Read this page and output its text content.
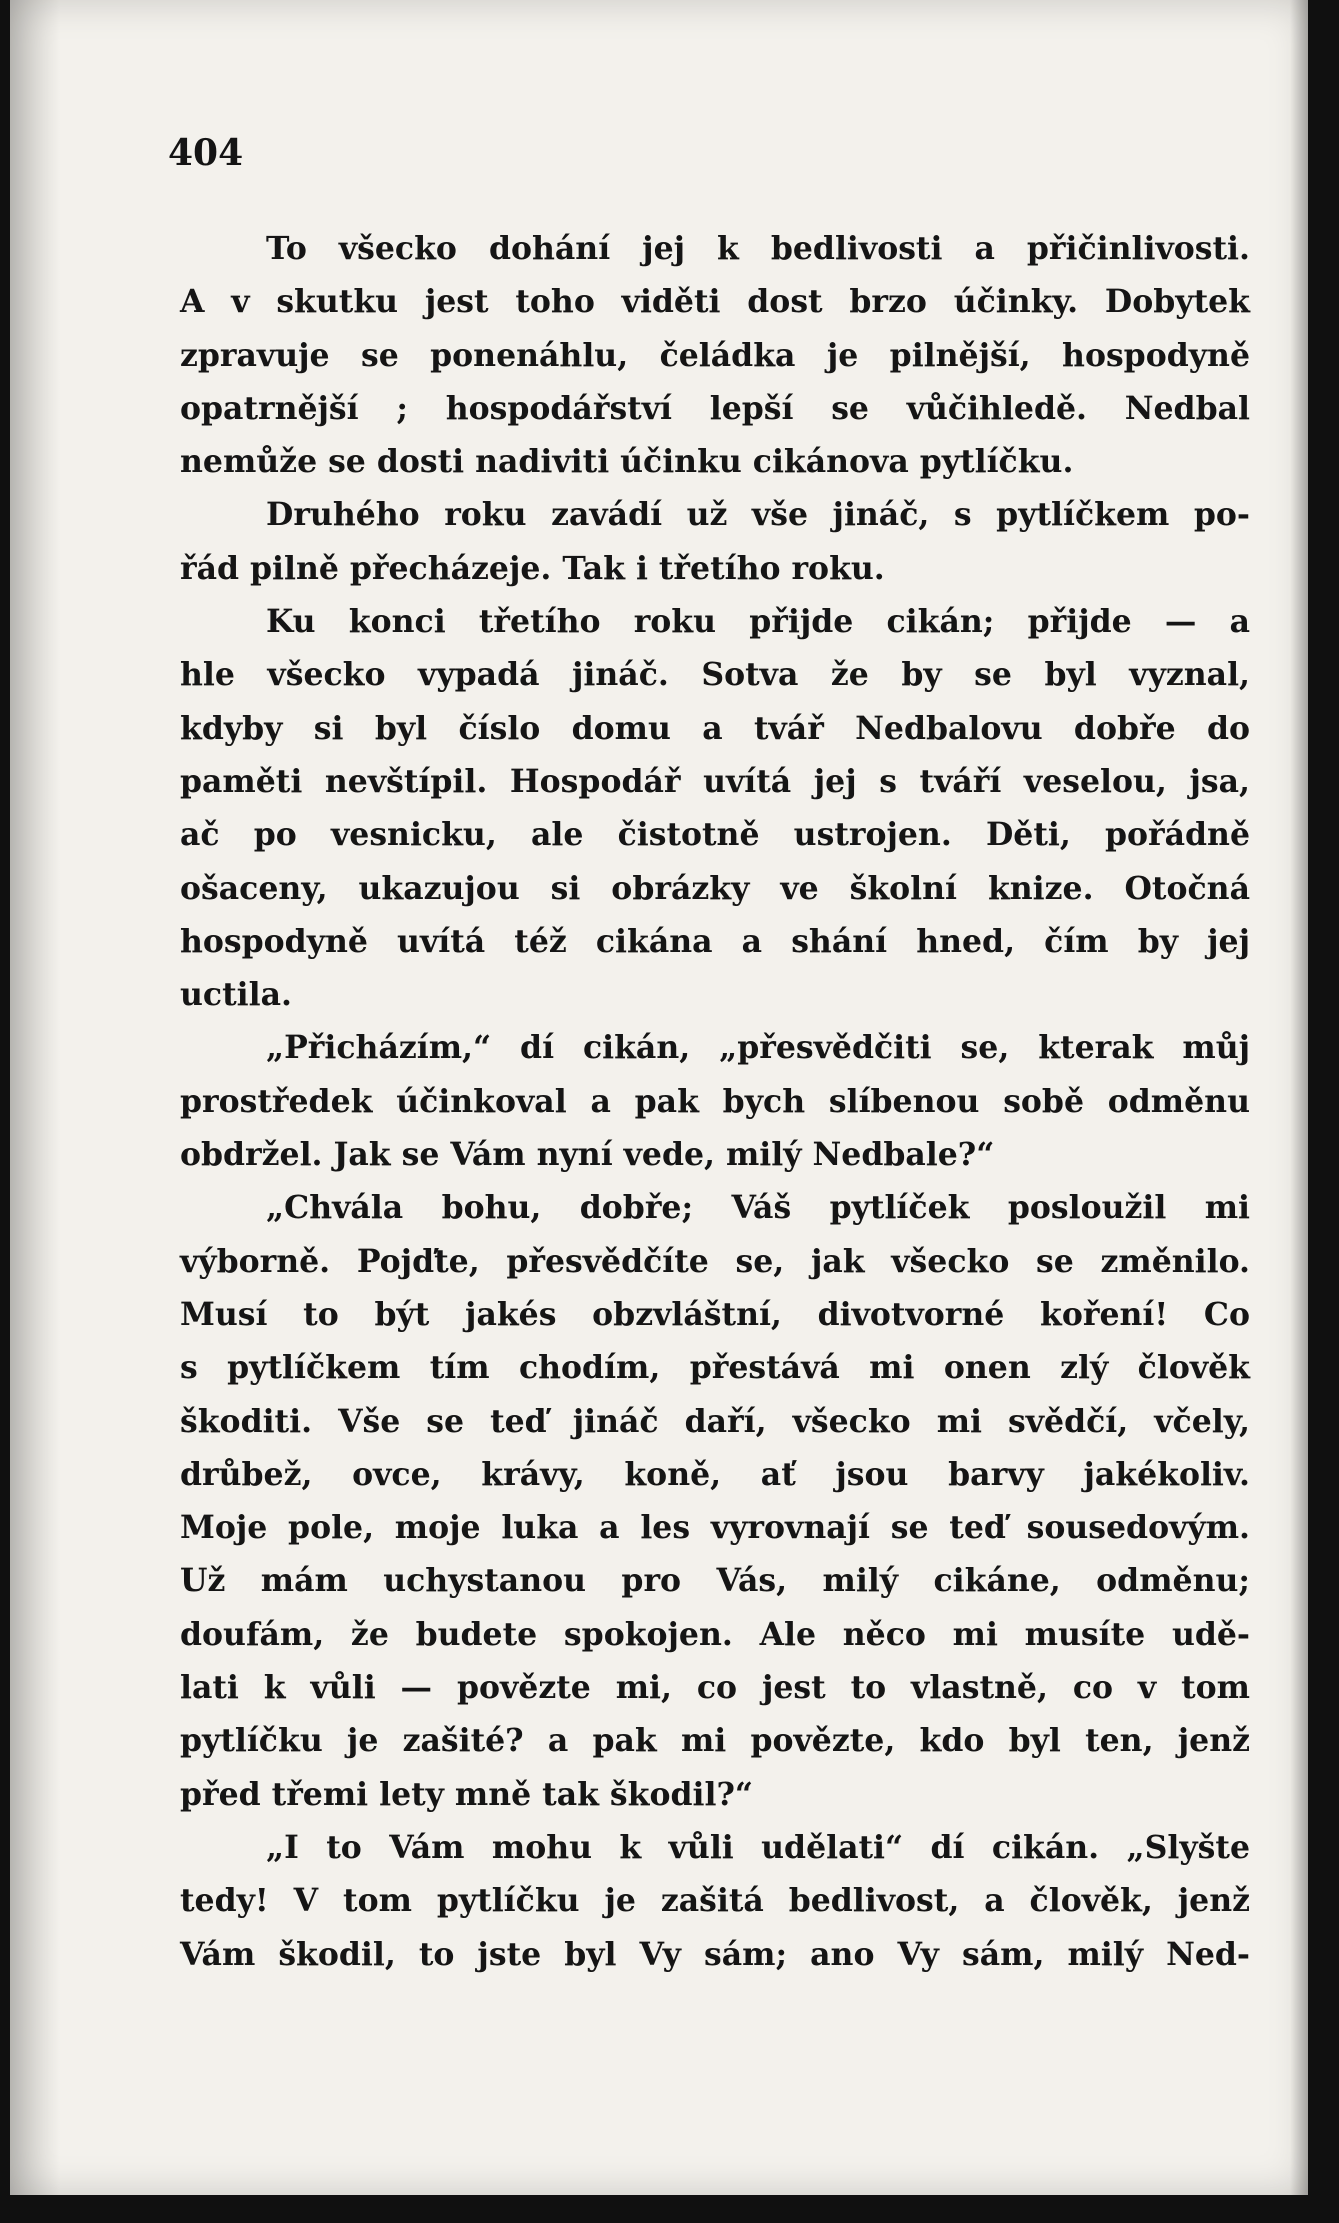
404

To všecko dohání jej k bedlivosti a přičinlivosti.
A v skutku jest toho viděti dost brzo účinky. Dobytek
zpravuje se ponenáhlu, čeládka je pilnější, hospodyně
opatrnější ; hospodářství lepší se vůčihledě. Nedbal
nemůže se dosti nadiviti účinku cikánova pytlíčku.
Druhého roku zavádí už vše jináč, s pytlíčkem po-
řád pilně přecházeje. Tak i třetího roku.
Ku konci třetího roku přijde cikán; přijde — a
hle všecko vypadá jináč. Sotva že by se byl vyznal,
kdyby si byl číslo domu a tvář Nedbalovu dobře do
paměti nevštípil. Hospodář uvítá jej s tváří veselou, jsa,
ač po vesnicku, ale čistotně ustrojen. Děti, pořádně
ošaceny, ukazujou si obrázky ve školní knize. Otočná
hospodyně uvítá též cikána a shání hned, čím by jej
uctila.
„Přicházím,“ dí cikán, „přesvědčiti se, kterak můj
prostředek účinkoval a pak bych slíbenou sobě odměnu
obdržel. Jak se Vám nyní vede, milý Nedbale?“
„Chvála bohu, dobře; Váš pytlíček posloužil mi
výborně. Pojďte, přesvědčíte se, jak všecko se změnilo.
Musí to být jakés obzvláštní, divotvorné koření! Co
s pytlíčkem tím chodím, přestává mi onen zlý člověk
škoditi. Vše se teď jináč daří, všecko mi svědčí, včely,
drůbež, ovce, krávy, koně, ať jsou barvy jakékoliv.
Moje pole, moje luka a les vyrovnají se teď sousedovým.
Už mám uchystanou pro Vás, milý cikáne, odměnu;
doufám, že budete spokojen. Ale něco mi musíte udě-
lati k vůli — povězte mi, co jest to vlastně, co v tom
pytlíčku je zašité? a pak mi povězte, kdo byl ten, jenž
před třemi lety mně tak škodil?“
„I to Vám mohu k vůli udělati“ dí cikán. „Slyšte
tedy! V tom pytlíčku je zašitá bedlivost, a člověk, jenž
Vám škodil, to jste byl Vy sám; ano Vy sám, milý Ned-
